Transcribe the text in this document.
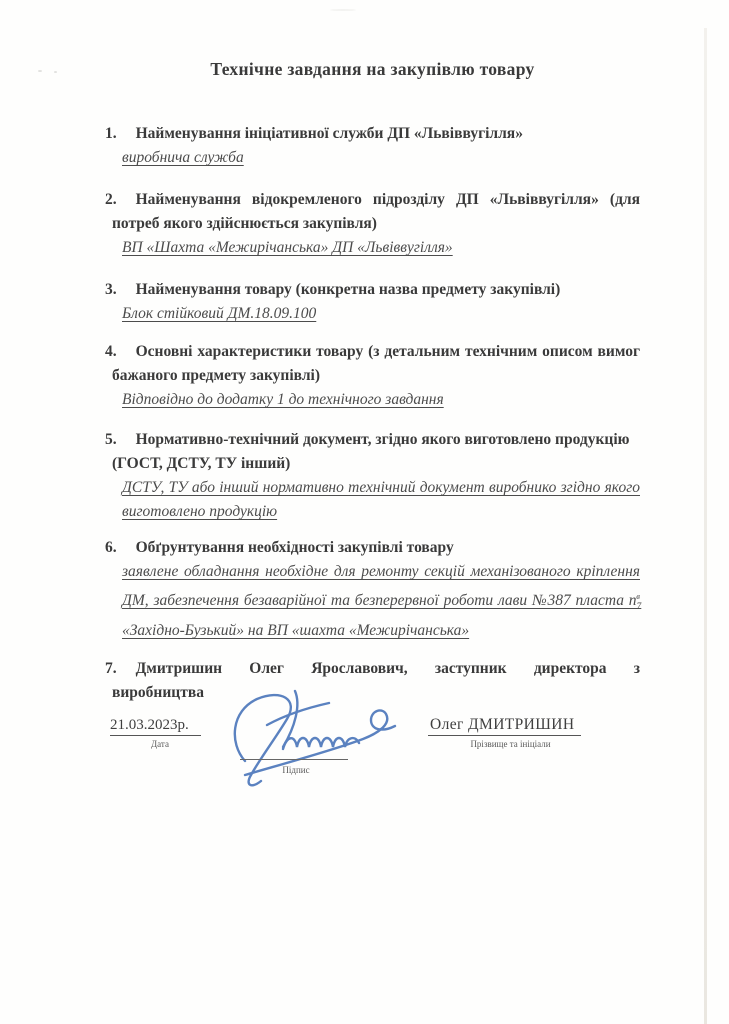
Технічне завдання на закупівлю товару

1. Найменування ініціативної служби ДП «Львіввугілля»

виробнича служба

2. Найменування відокремленого підрозділу ДП «Львіввугілля» (для потреб якого здійснюється закупівля)

ВП «Шахта «Межирічанська» ДП «Львіввугілля»

3. Найменування товару (конкретна назва предмету закупівлі)

Блок стійковий ДМ.18.09.100

4. Основні характеристики товару (з детальним технічним описом вимог бажаного предмету закупівлі)

Відповідно до додатку 1 до технічного завдання

5. Нормативно-технічний документ, згідно якого виготовлено продукцію (ГОСТ, ДСТУ, ТУ інший)

ДСТУ, ТУ або інший нормативно технічний документ виробнико згідно якого виготовлено продукцію

6. Обґрунтування необхідності закупівлі товару

заявлене обладнання необхідне для ремонту секцій механізованого кріплення ДМ, забезпечення безаварійної та безперервної роботи лави №387 пласта $n_7^в$ «Західно-Бузький» на ВП «шахта «Межирічанська»

7. Дмитришин Олег Ярославович, заступник директора з
виробництва
21.03.2023р.
Дата
Підпис
Олег ДМИТРИШИН
Прізвище та ініціали
